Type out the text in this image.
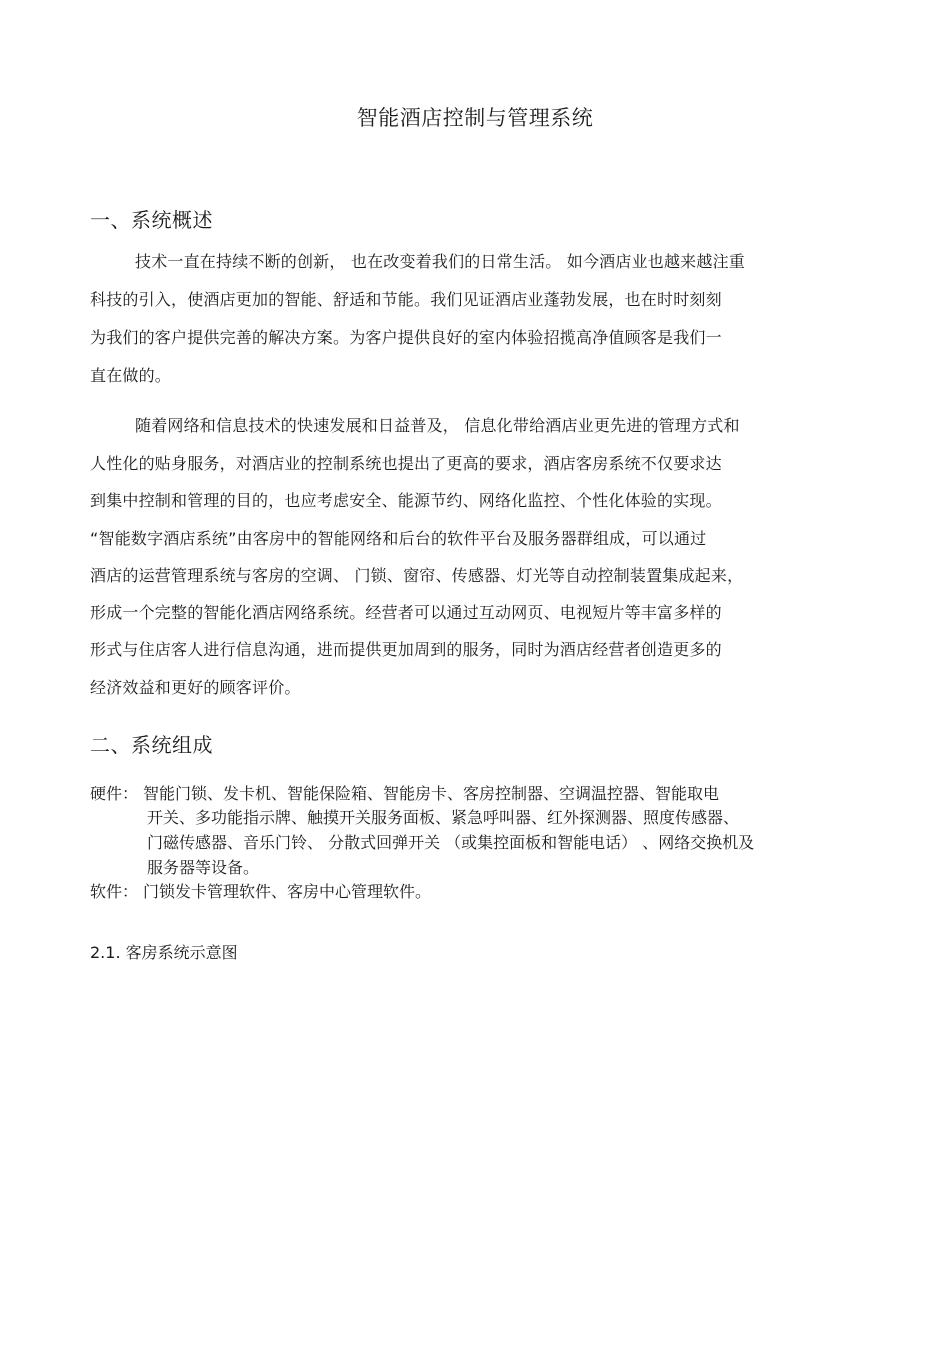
智能酒店控制与管理系统
一、系统概述
技术一直在持续不断的创新， 也在改变着我们的日常生活。 如今酒店业也越来越注重
科技的引入，使酒店更加的智能、舒适和节能。我们见证酒店业蓬勃发展，也在时时刻刻
为我们的客户提供完善的解决方案。为客户提供良好的室内体验招揽高净值顾客是我们一
直在做的。
随着网络和信息技术的快速发展和日益普及， 信息化带给酒店业更先进的管理方式和
人性化的贴身服务，对酒店业的控制系统也提出了更高的要求，酒店客房系统不仅要求达
到集中控制和管理的目的，也应考虑安全、能源节约、网络化监控、个性化体验的实现。
“智能数字酒店系统”由客房中的智能网络和后台的软件平台及服务器群组成，可以通过
酒店的运营管理系统与客房的空调、 门锁、窗帘、传感器、灯光等自动控制装置集成起来，
形成一个完整的智能化酒店网络系统。经营者可以通过互动网页、电视短片等丰富多样的
形式与住店客人进行信息沟通，进而提供更加周到的服务，同时为酒店经营者创造更多的
经济效益和更好的顾客评价。
二、系统组成
硬件： 智能门锁、发卡机、智能保险箱、智能房卡、客房控制器、空调温控器、智能取电
开关、多功能指示牌、触摸开关服务面板、紧急呼叫器、红外探测器、照度传感器、
门磁传感器、音乐门铃、 分散式回弹开关 （或集控面板和智能电话） 、网络交换机及
服务器等设备。
软件： 门锁发卡管理软件、客房中心管理软件。
2.1. 客房系统示意图
